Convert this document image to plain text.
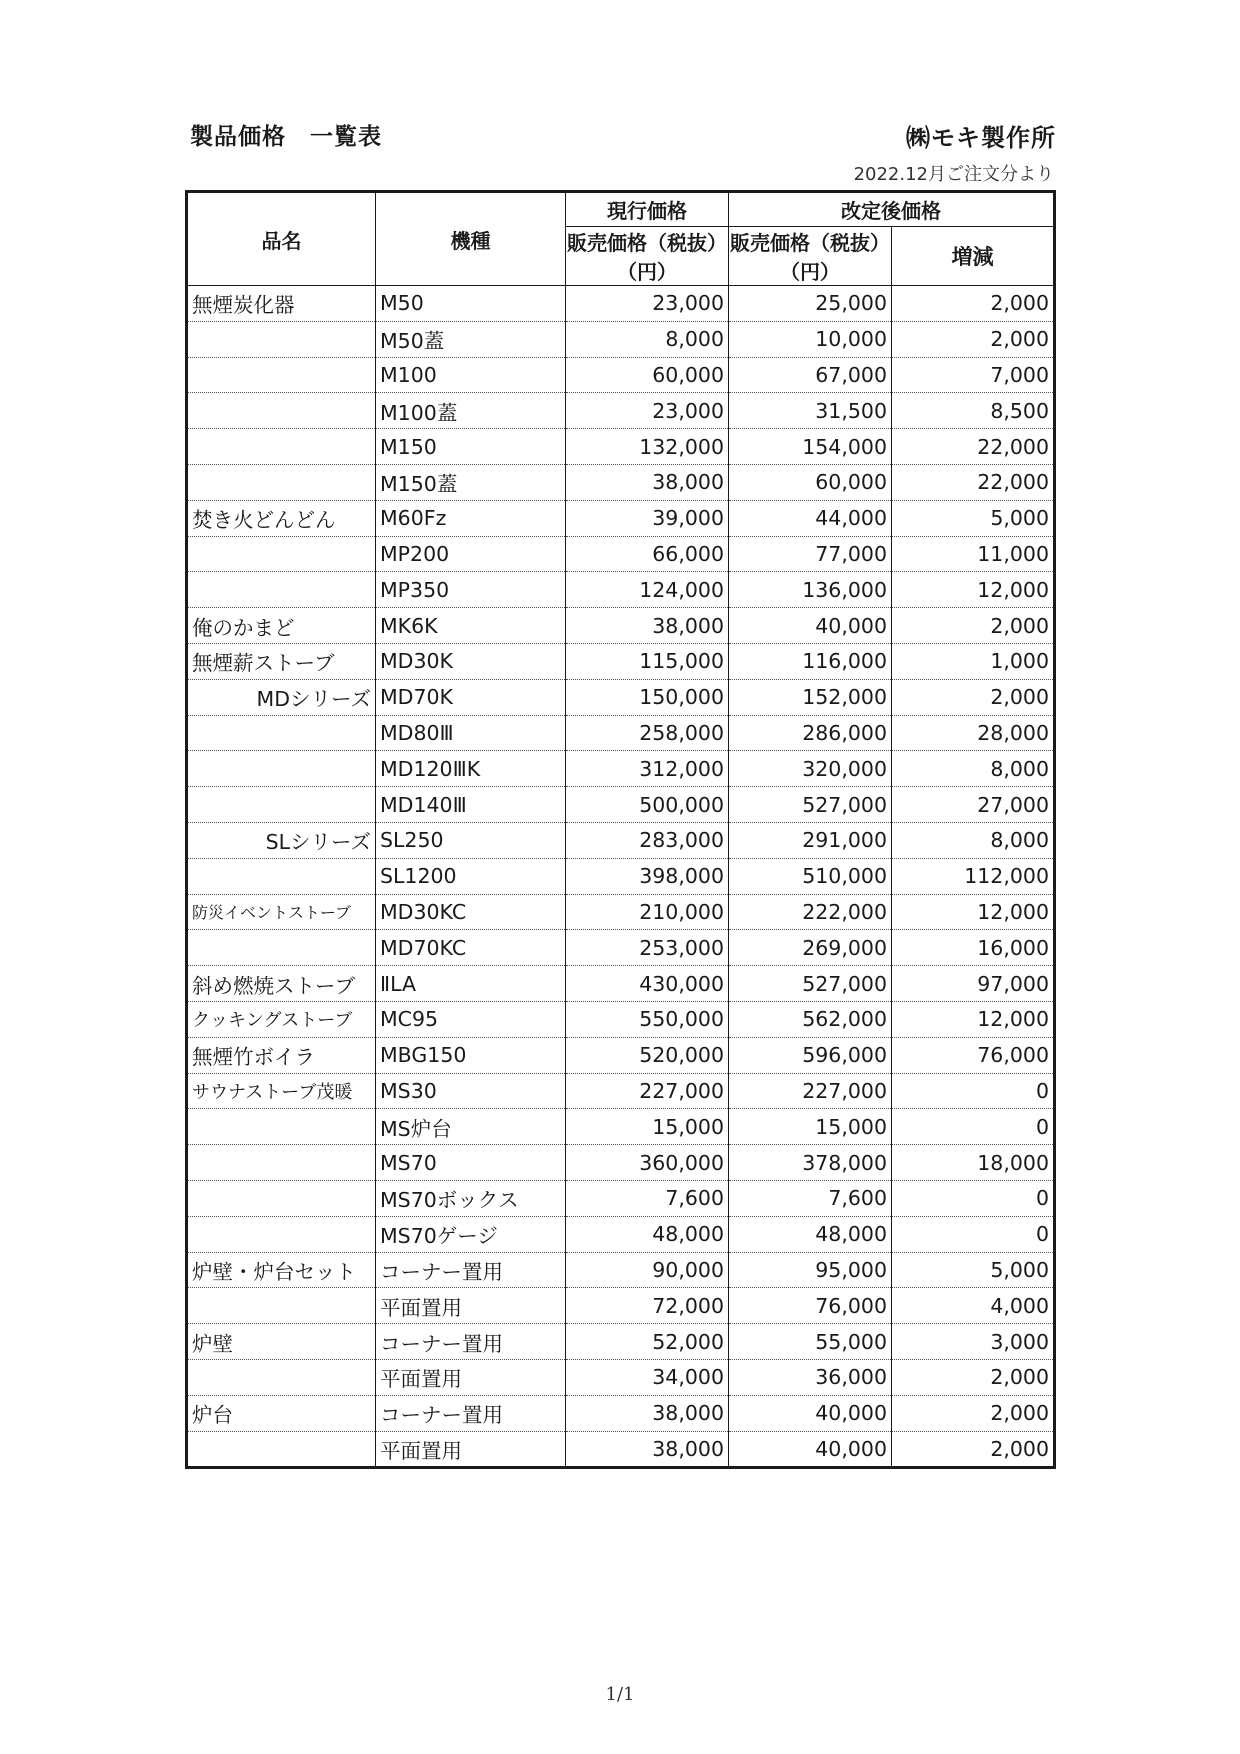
製品価格　一覧表	㈱モキ製作所
2022.12月ご注文分より
品名	機種	現行価格	改定後価格	
		販売価格（税抜）（円）	販売価格（税抜）（円）	増減
無煙炭化器	M50	23,000	25,000	2,000
	M50蓋	8,000	10,000	2,000
	M100	60,000	67,000	7,000
	M100蓋	23,000	31,500	8,500
	M150	132,000	154,000	22,000
	M150蓋	38,000	60,000	22,000
焚き火どんどん	M60Fz	39,000	44,000	5,000
	MP200	66,000	77,000	11,000
	MP350	124,000	136,000	12,000
俺のかまど	MK6K	38,000	40,000	2,000
無煙薪ストーブ	MD30K	115,000	116,000	1,000
MDシリーズ	MD70K	150,000	152,000	2,000
	MD80Ⅲ	258,000	286,000	28,000
	MD120ⅢK	312,000	320,000	8,000
	MD140Ⅲ	500,000	527,000	27,000
SLシリーズ	SL250	283,000	291,000	8,000
	SL1200	398,000	510,000	112,000
防災イベントストーブ	MD30KC	210,000	222,000	12,000
	MD70KC	253,000	269,000	16,000
斜め燃焼ストーブ	ⅡLA	430,000	527,000	97,000
クッキングストーブ	MC95	550,000	562,000	12,000
無煙竹ボイラ	MBG150	520,000	596,000	76,000
サウナストーブ茂暖	MS30	227,000	227,000	0
	MS炉台	15,000	15,000	0
	MS70	360,000	378,000	18,000
	MS70ボックス	7,600	7,600	0
	MS70ゲージ	48,000	48,000	0
炉壁・炉台セット	コーナー置用	90,000	95,000	5,000
	平面置用	72,000	76,000	4,000
炉壁	コーナー置用	52,000	55,000	3,000
	平面置用	34,000	36,000	2,000
炉台	コーナー置用	38,000	40,000	2,000
	平面置用	38,000	40,000	2,000
1/1
